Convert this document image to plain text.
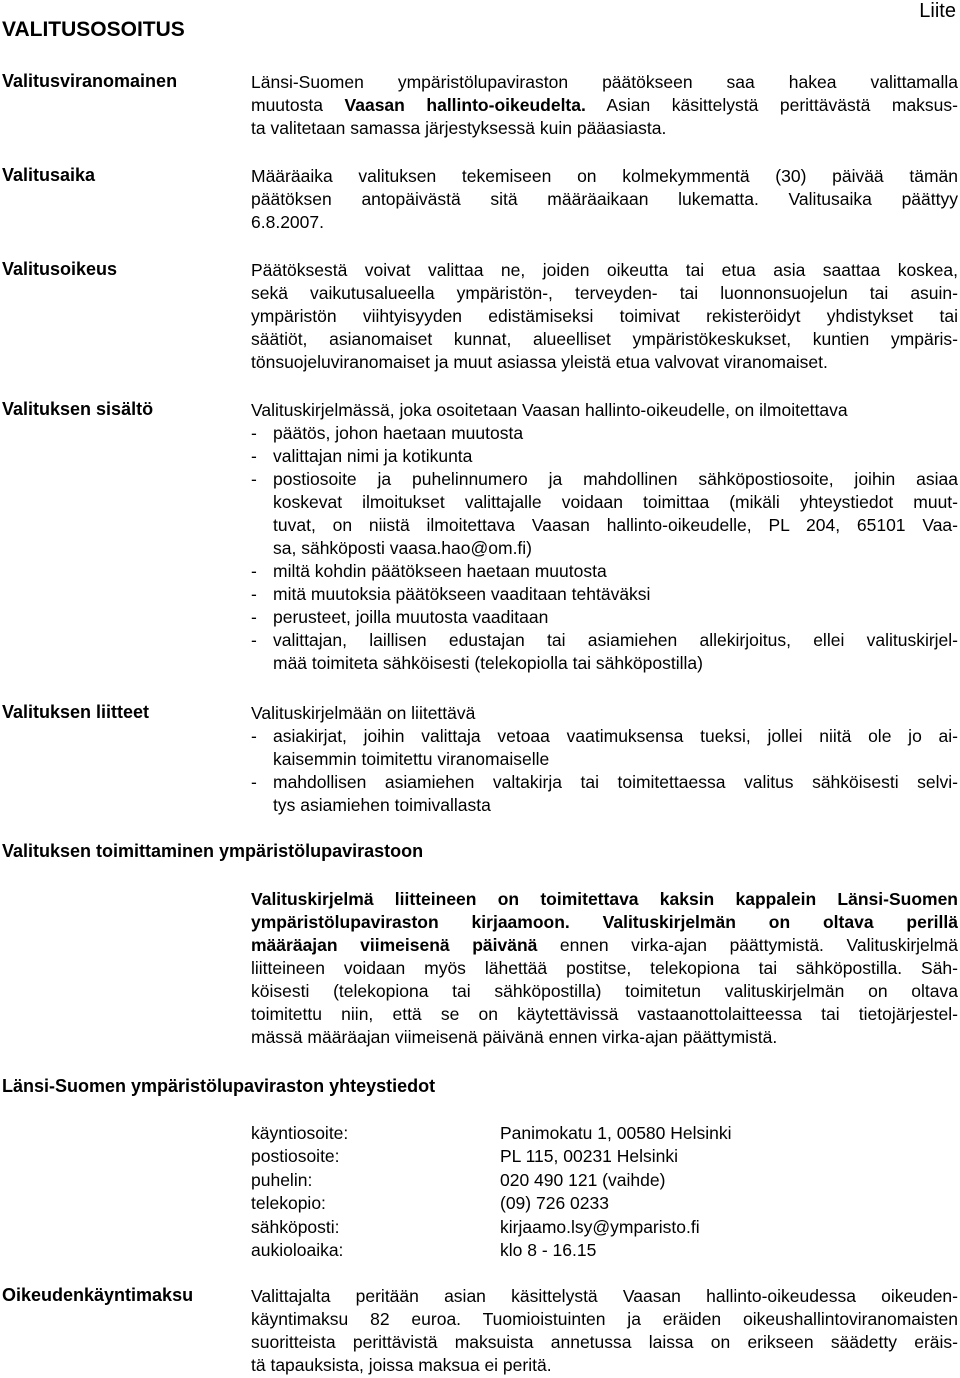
Liite
VALITUSOSOITUS
Valitusviranomainen	Länsi-Suomen ympäristölupaviraston päätökseen saa hakea valittamalla

muutosta Vaasan hallinto-oikeudelta. Asian käsittelystä perittävästä maksus-

ta valitetaan samassa järjestyksessä kuin pääasiasta.

Valitusaika	Määräaika valituksen tekemiseen on kolmekymmentä (30) päivää tämän

päätöksen antopäivästä sitä määräaikaan lukematta. Valitusaika päättyy

6.8.2007.

Valitusoikeus	Päätöksestä voivat valittaa ne, joiden oikeutta tai etua asia saattaa koskea,

sekä vaikutusalueella ympäristön-, terveyden- tai luonnonsuojelun tai asuin-

ympäristön viihtyisyyden edistämiseksi toimivat rekisteröidyt yhdistykset tai

säätiöt, asianomaiset kunnat, alueelliset ympäristökeskukset, kuntien ympäris-

tönsuojeluviranomaiset ja muut asiassa yleistä etua valvovat viranomaiset.

Valituksen sisältö	Valituskirjelmässä, joka osoitetaan Vaasan hallinto-oikeudelle, on ilmoitettava

- päätös, johon haetaan muutosta
- valittajan nimi ja kotikunta
- postiosoite ja puhelinnumero ja mahdollinen sähköpostiosoite, joihin asiaa
koskevat ilmoitukset valittajalle voidaan toimittaa (mikäli yhteystiedot muut-
tuvat, on niistä ilmoitettava Vaasan hallinto-oikeudelle, PL 204, 65101 Vaa-
sa, sähköposti vaasa.hao@om.fi)
- miltä kohdin päätökseen haetaan muutosta
- mitä muutoksia päätökseen vaaditaan tehtäväksi
- perusteet, joilla muutosta vaaditaan
- valittajan, laillisen edustajan tai asiamiehen allekirjoitus, ellei valituskirjel-
mää toimiteta sähköisesti (telekopiolla tai sähköpostilla)
Valituksen liitteet	Valituskirjelmään on liitettävä

- asiakirjat, joihin valittaja vetoaa vaatimuksensa tueksi, jollei niitä ole jo ai-
kaisemmin toimitettu viranomaiselle
- mahdollisen asiamiehen valtakirja tai toimitettaessa valitus sähköisesti selvi-
tys asiamiehen toimivallasta
Valituksen toimittaminen ympäristölupavirastoon

Valituskirjelmä liitteineen on toimitettava kaksin kappalein Länsi-Suomen

ympäristölupaviraston kirjaamoon. Valituskirjelmän on oltava perillä

määräajan viimeisenä päivänä ennen virka-ajan päättymistä. Valituskirjelmä

liitteineen voidaan myös lähettää postitse, telekopiona tai sähköpostilla. Säh-

köisesti (telekopiona tai sähköpostilla) toimitetun valituskirjelmän on oltava

toimitettu niin, että se on käytettävissä vastaanottolaitteessa tai tietojärjestel-

mässä määräajan viimeisenä päivänä ennen virka-ajan päättymistä.

Länsi-Suomen ympäristölupaviraston yhteystiedot
käyntiosoite:	Panimokatu 1, 00580 Helsinki
postiosoite:	PL 115, 00231 Helsinki
puhelin:	020 490 121 (vaihde)
telekopio:	(09) 726 0233
sähköposti:	kirjaamo.lsy@ymparisto.fi
aukioloaika:	klo 8 - 16.15
Oikeudenkäyntimaksu	Valittajalta peritään asian käsittelystä Vaasan hallinto-oikeudessa oikeuden-

käyntimaksu 82 euroa. Tuomioistuinten ja eräiden oikeushallintoviranomaisten

suoritteista perittävistä maksuista annetussa laissa on erikseen säädetty eräis-

tä tapauksista, joissa maksua ei peritä.
